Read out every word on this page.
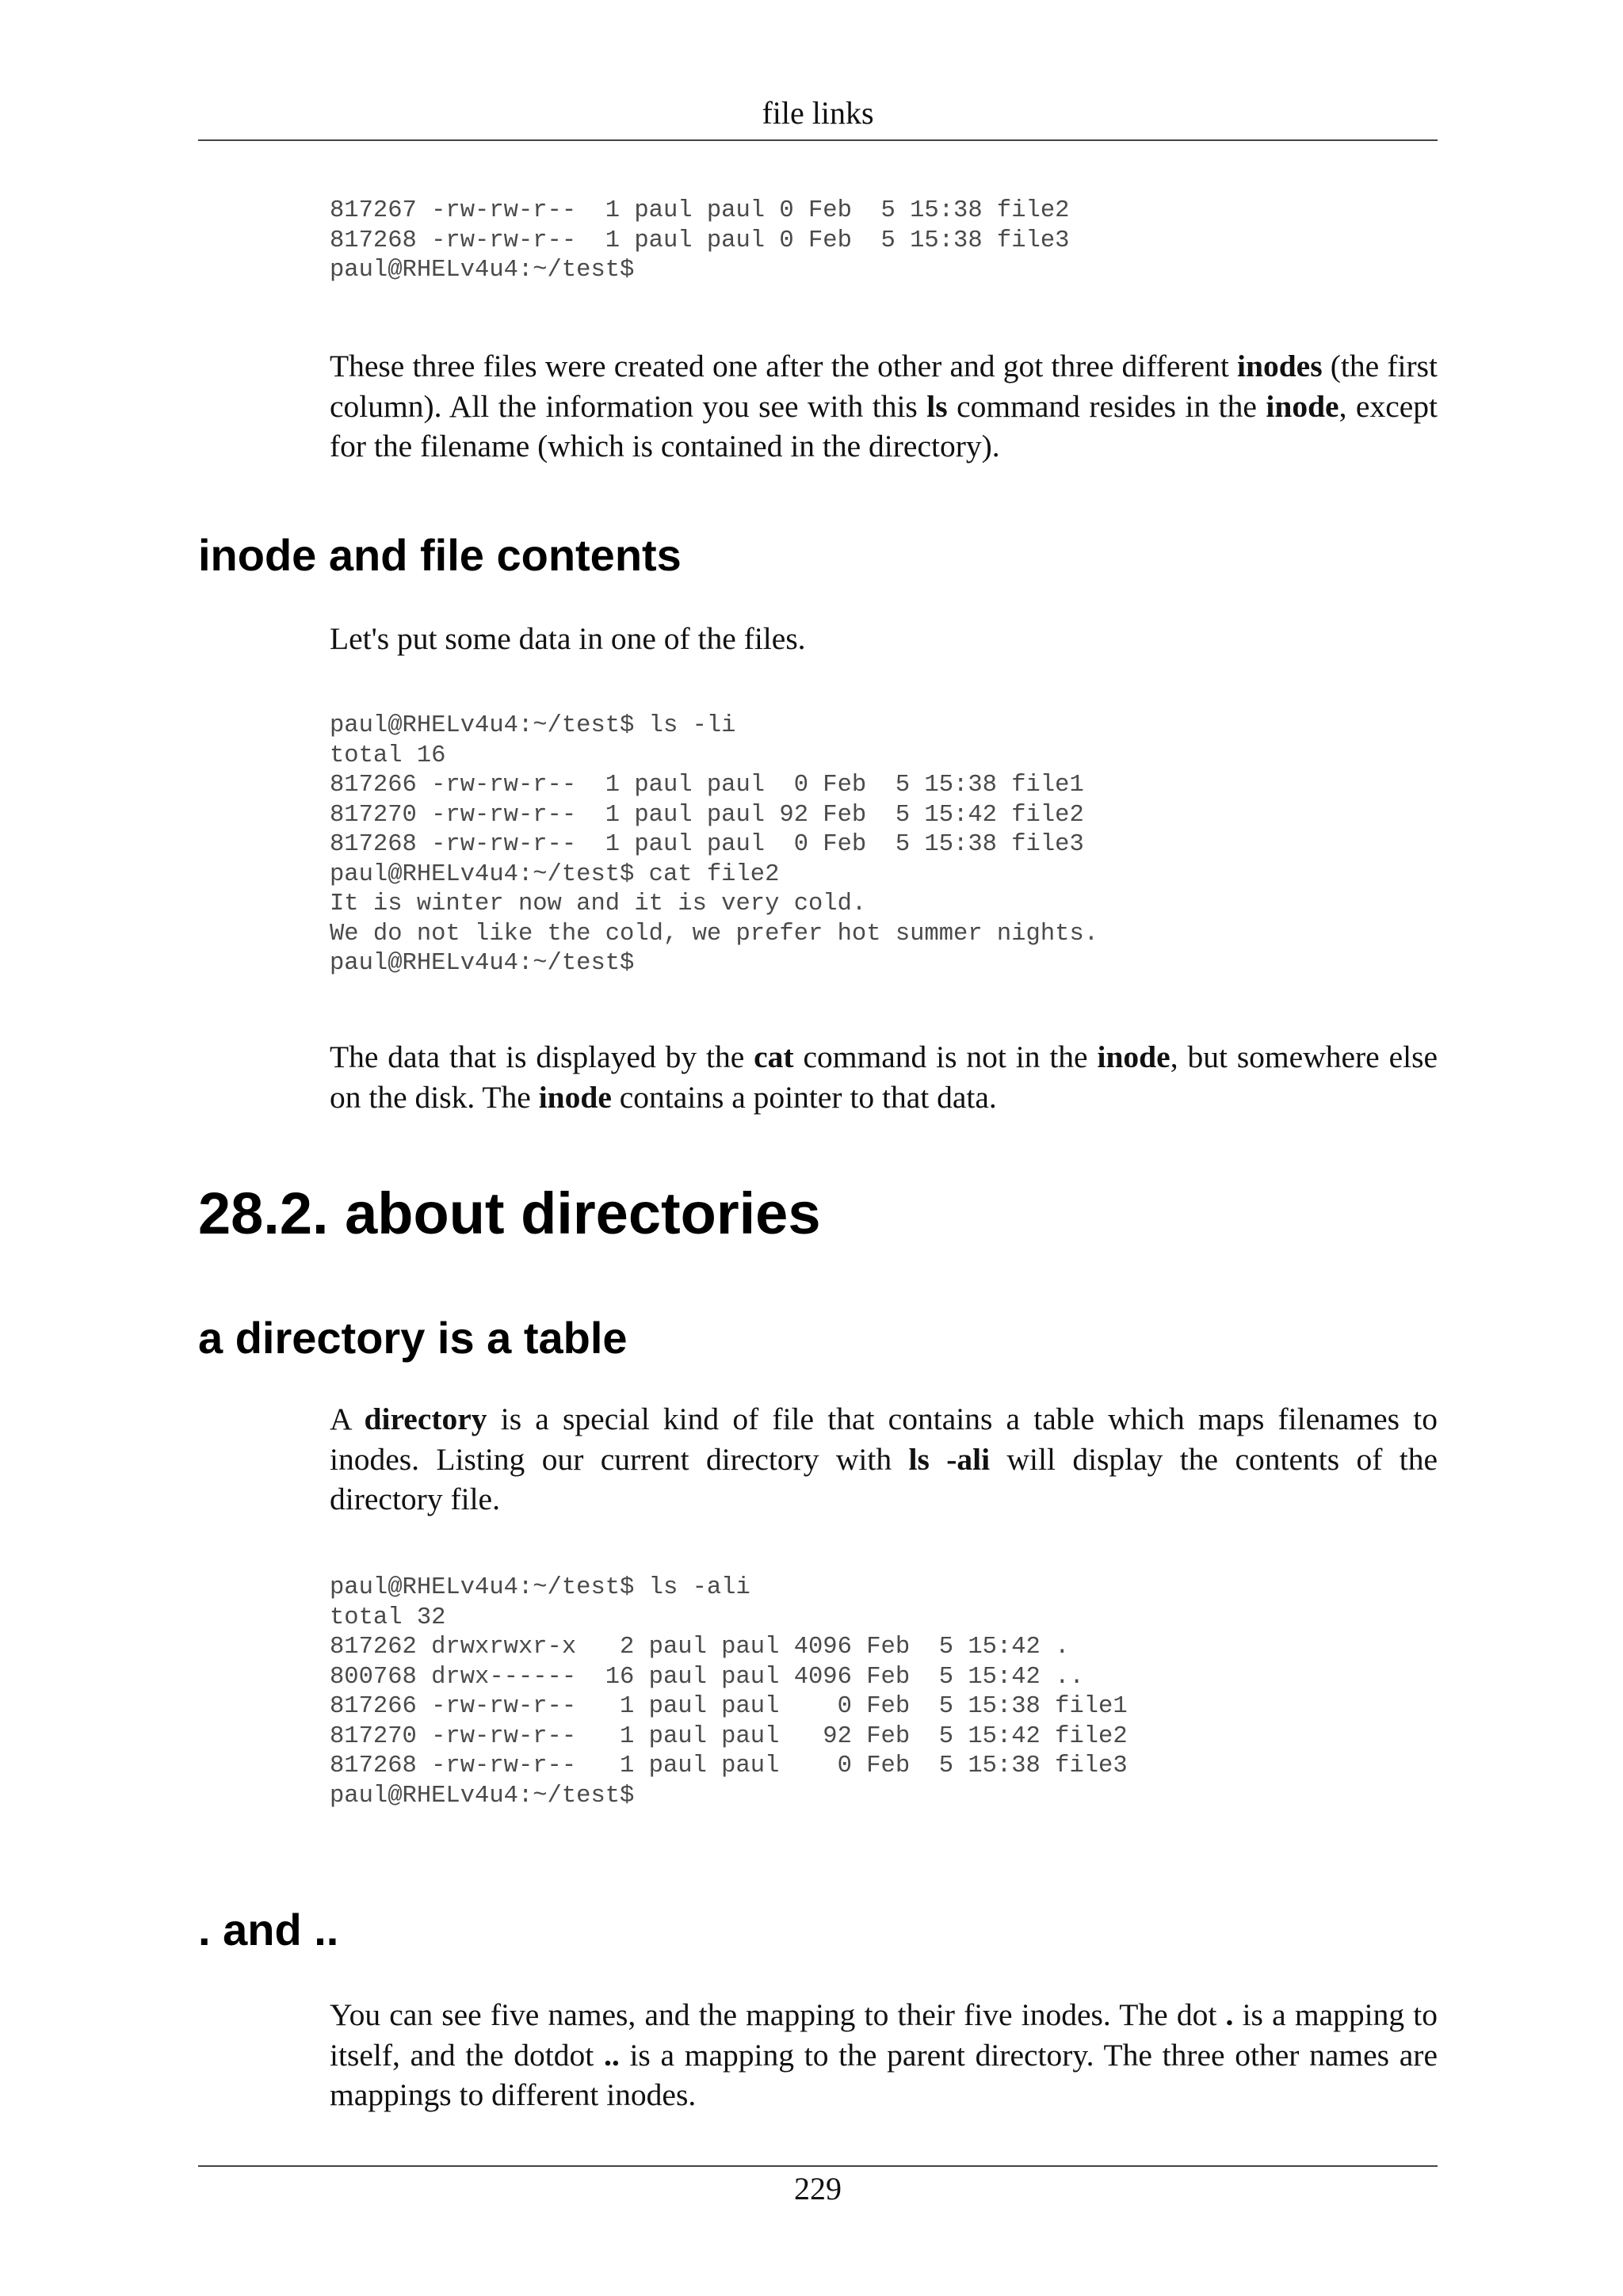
file links
817267 -rw-rw-r--  1 paul paul 0 Feb  5 15:38 file2
817268 -rw-rw-r--  1 paul paul 0 Feb  5 15:38 file3
paul@RHELv4u4:~/test$

These three files were created one after the other and got three different inodes (the first column). All the information you see with this ls command resides in the inode, except for the filename (which is contained in the directory).

inode and file contents

Let's put some data in one of the files.

paul@RHELv4u4:~/test$ ls -li
total 16
817266 -rw-rw-r--  1 paul paul  0 Feb  5 15:38 file1
817270 -rw-rw-r--  1 paul paul 92 Feb  5 15:42 file2
817268 -rw-rw-r--  1 paul paul  0 Feb  5 15:38 file3
paul@RHELv4u4:~/test$ cat file2
It is winter now and it is very cold.
We do not like the cold, we prefer hot summer nights.
paul@RHELv4u4:~/test$

The data that is displayed by the cat command is not in the inode, but somewhere else on the disk. The inode contains a pointer to that data.

28.2. about directories
a directory is a table

A directory is a special kind of file that contains a table which maps filenames to inodes. Listing our current directory with ls -ali will display the contents of the directory file.

paul@RHELv4u4:~/test$ ls -ali
total 32
817262 drwxrwxr-x   2 paul paul 4096 Feb  5 15:42 .
800768 drwx------  16 paul paul 4096 Feb  5 15:42 ..
817266 -rw-rw-r--   1 paul paul    0 Feb  5 15:38 file1
817270 -rw-rw-r--   1 paul paul   92 Feb  5 15:42 file2
817268 -rw-rw-r--   1 paul paul    0 Feb  5 15:38 file3
paul@RHELv4u4:~/test$
. and ..

You can see five names, and the mapping to their five inodes. The dot . is a mapping to itself, and the dotdot .. is a mapping to the parent directory. The three other names are mappings to different inodes.

229
